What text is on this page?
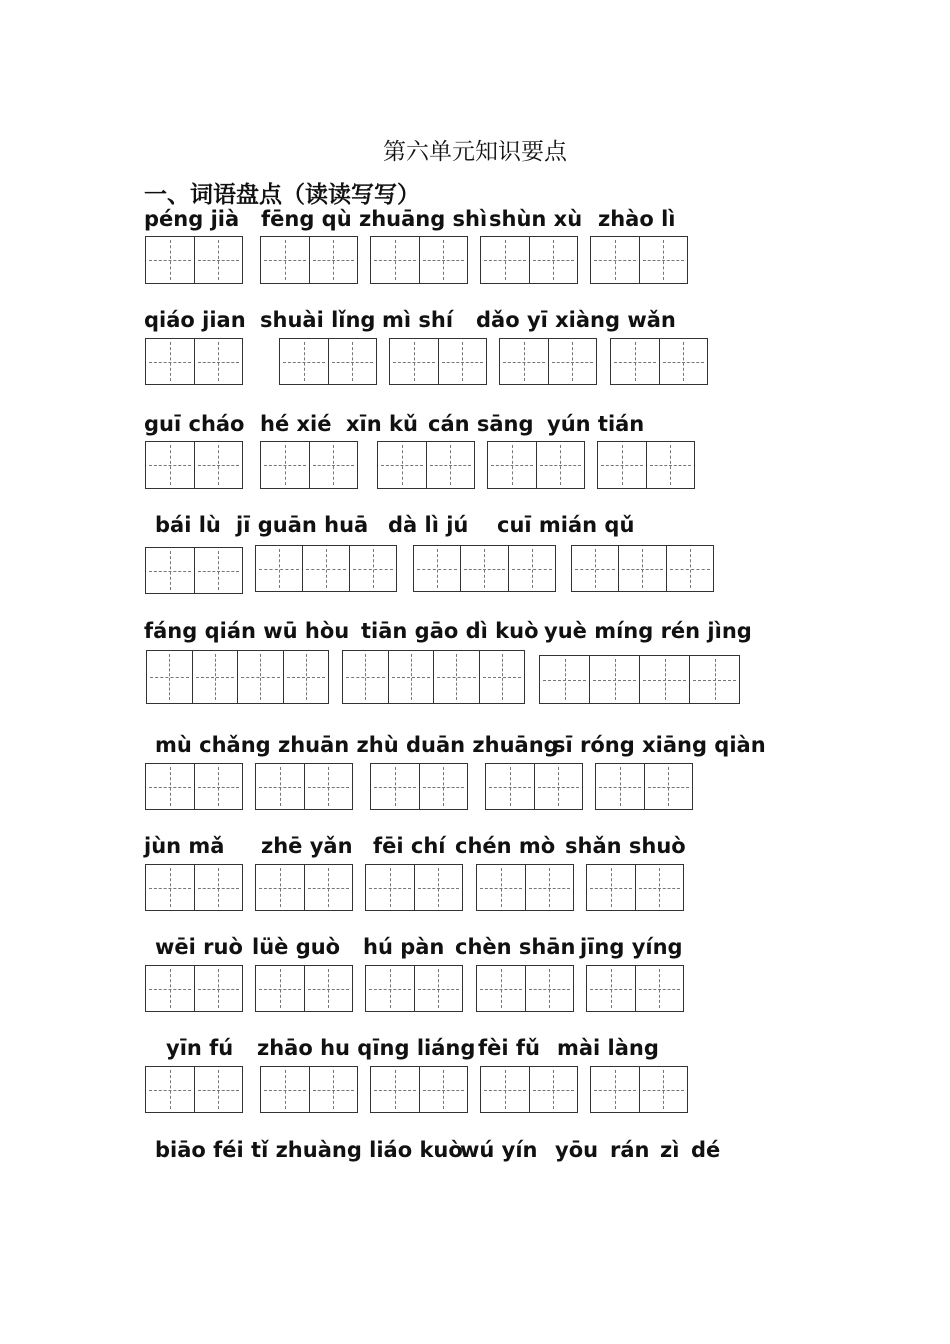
第六单元知识要点
一、词语盘点（读读写写）
péng jià fēng qù zhuāng shì shùn xù zhào lì
qiáo jian shuài lǐng mì shí dǎo yī xiàng wǎn
guī cháo hé xié xīn kǔ cán sāng yún tián
bái lù jī guān huā dà lì jú cuī mián qǔ
fáng qián wū hòu tiān gāo dì kuò yuè míng rén jìng
mù chǎng zhuān zhù duān zhuāng
sī róng xiāng qiàn
jùn mǎ zhē yǎn fēi chí chén mò shǎn shuò
wēi ruò lüè guò hú pàn chèn shān jīng yíng
yīn fú zhāo hu qīng liáng fèi fǔ mài làng
biāo féi tǐ zhuàng liáo kuò
wú yín yōu rán zì dé
